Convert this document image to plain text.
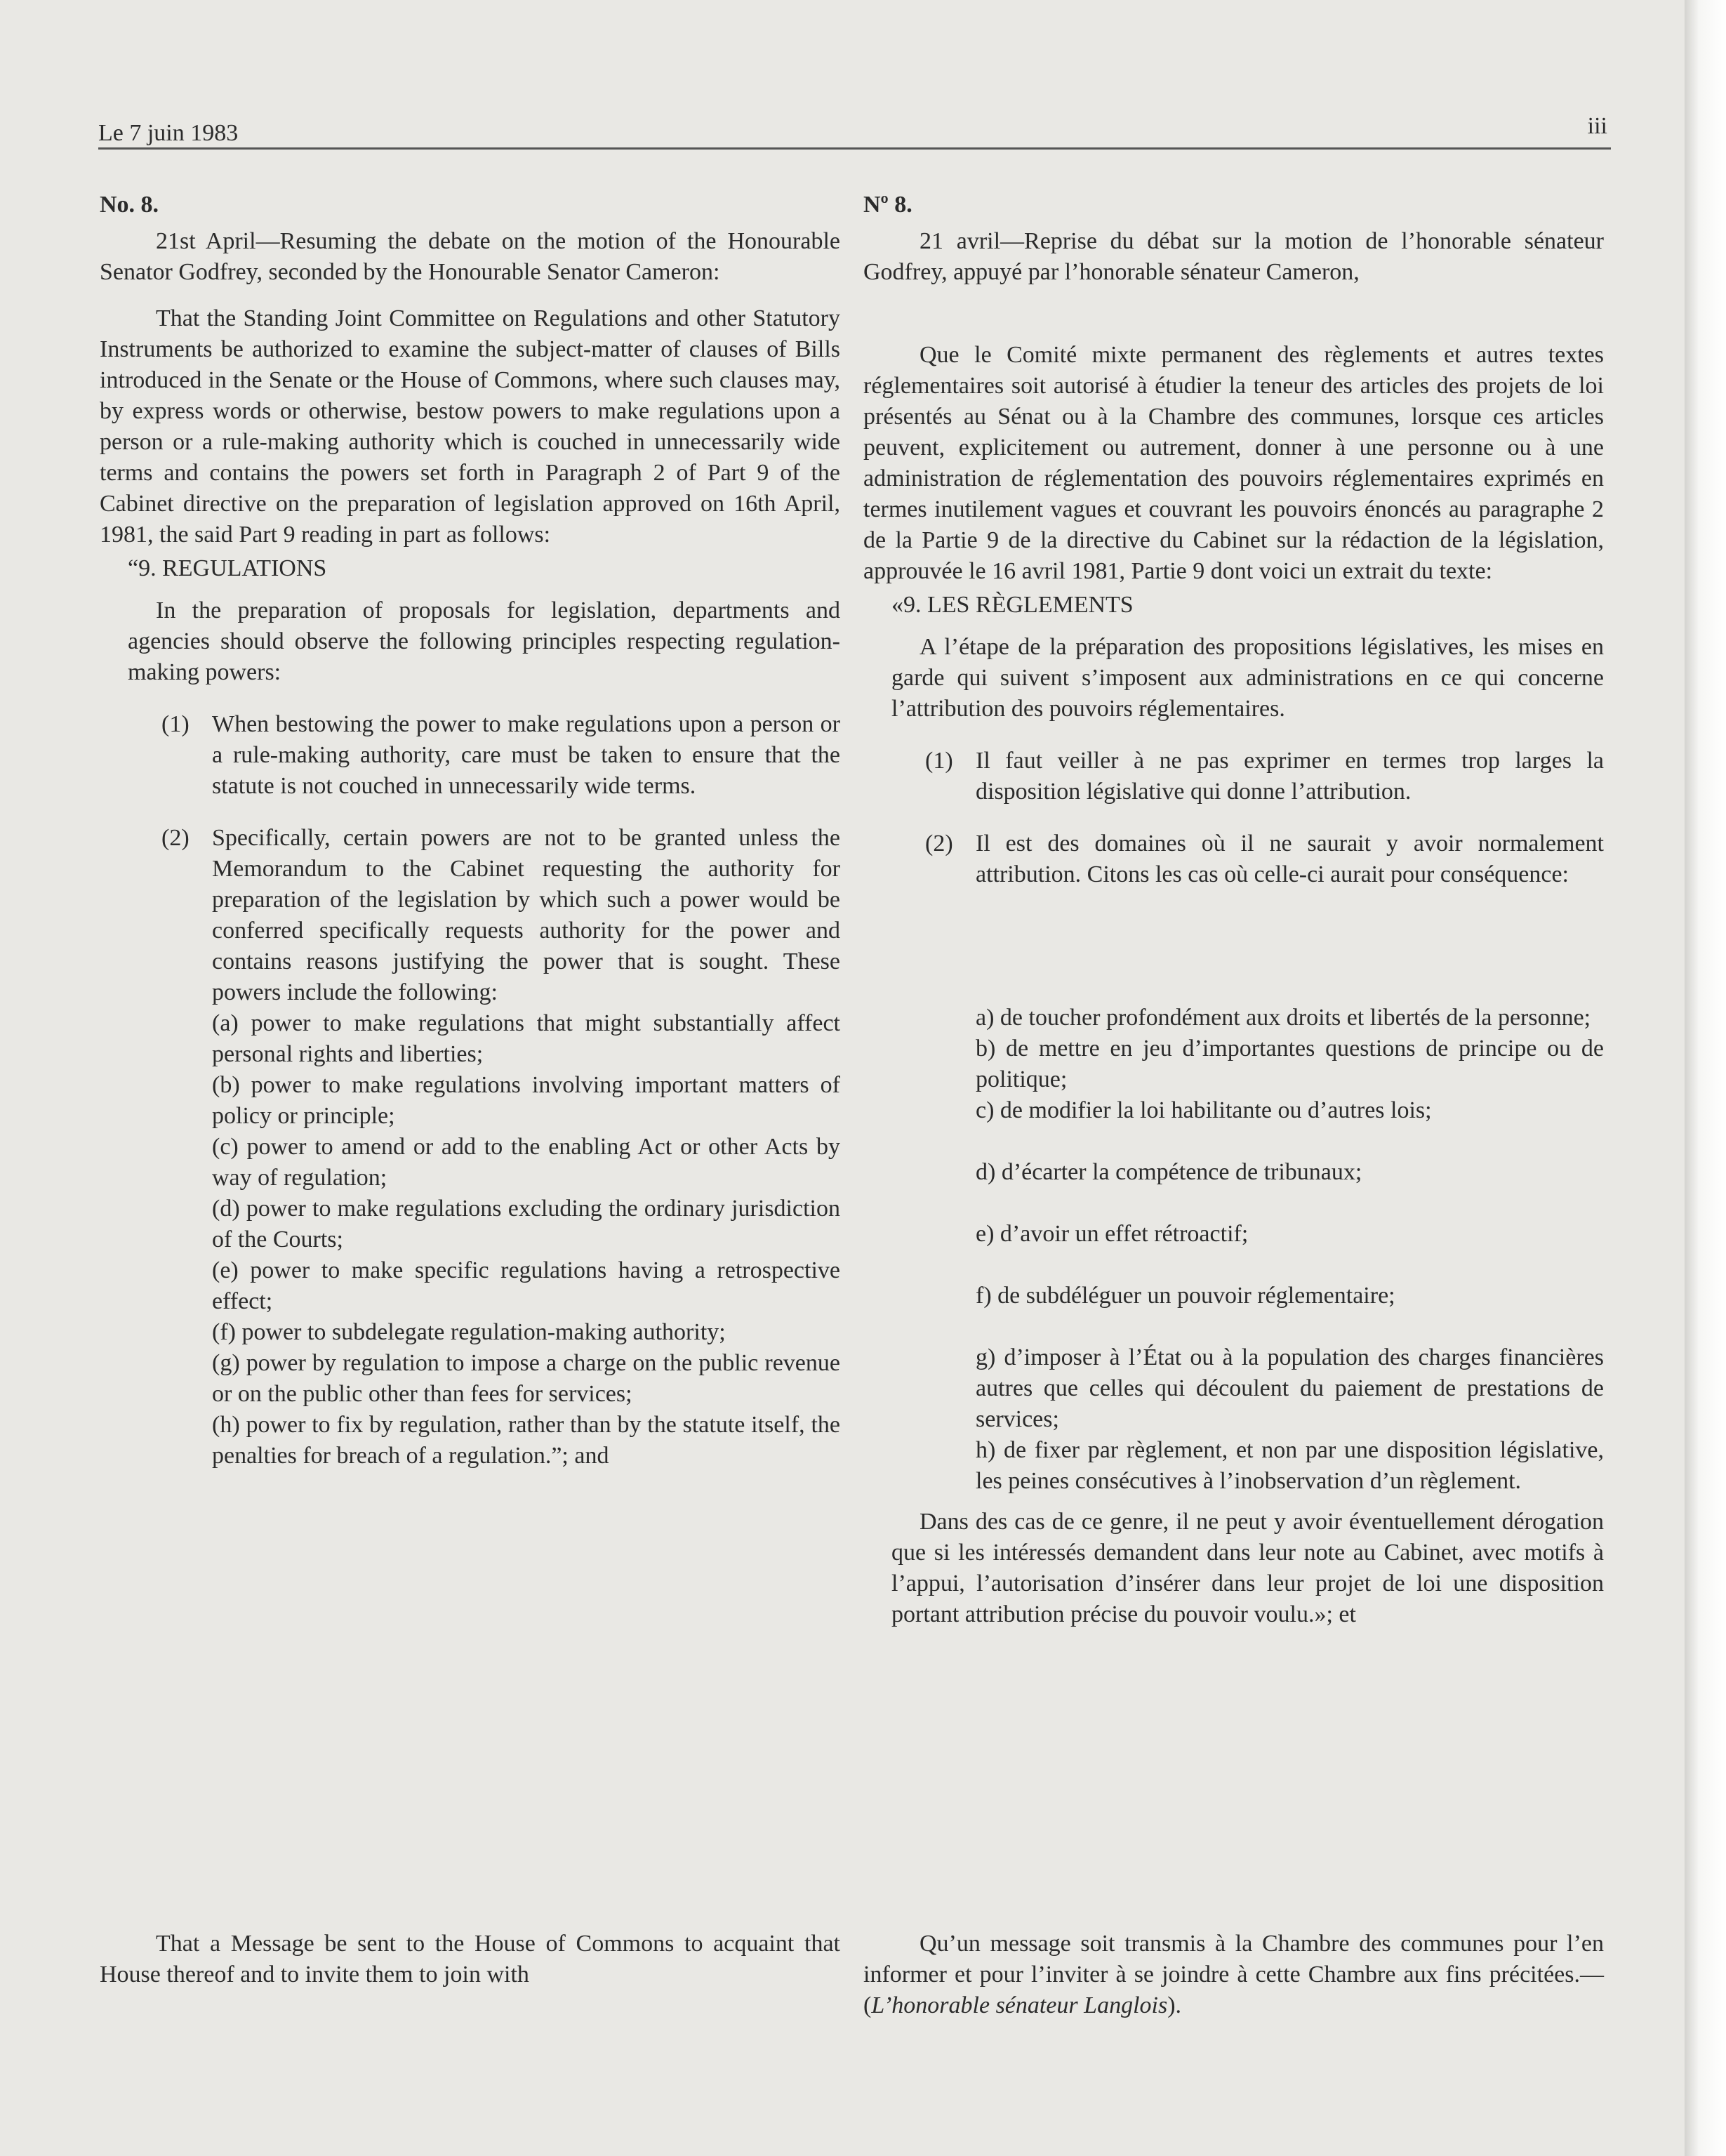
Le 7 juin 1983	iii

No. 8.

21st April—Resuming the debate on the motion of the Honourable Senator Godfrey, seconded by the Honourable Senator Cameron:

That the Standing Joint Committee on Regulations and other Statutory Instruments be authorized to examine the subject-matter of clauses of Bills introduced in the Senate or the House of Commons, where such clauses may, by express words or otherwise, bestow powers to make regulations upon a person or a rule-making authority which is couched in unnecessarily wide terms and contains the powers set forth in Paragraph 2 of Part 9 of the Cabinet directive on the preparation of legislation approved on 16th April, 1981, the said Part 9 reading in part as follows:

“9. REGULATIONS

In the preparation of proposals for legislation, departments and agencies should observe the following principles respecting regulation-making powers:

(1) When bestowing the power to make regulations upon a person or a rule-making authority, care must be taken to ensure that the statute is not couched in unnecessarily wide terms.

(2) Specifically, certain powers are not to be granted unless the Memorandum to the Cabinet requesting the authority for preparation of the legislation by which such a power would be conferred specifically requests authority for the power and contains reasons justifying the power that is sought. These powers include the following:

(a) power to make regulations that might substantially affect personal rights and liberties;

(b) power to make regulations involving important matters of policy or principle;

(c) power to amend or add to the enabling Act or other Acts by way of regulation;

(d) power to make regulations excluding the ordinary jurisdiction of the Courts;

(e) power to make specific regulations having a retrospective effect;

(f) power to subdelegate regulation-making authority;

(g) power by regulation to impose a charge on the public revenue or on the public other than fees for services;

(h) power to fix by regulation, rather than by the statute itself, the penalties for breach of a regulation.”; and

That a Message be sent to the House of Commons to acquaint that House thereof and to invite them to join with

Nº 8.

21 avril—Reprise du débat sur la motion de l’honorable sénateur Godfrey, appuyé par l’honorable sénateur Cameron,

Que le Comité mixte permanent des règlements et autres textes réglementaires soit autorisé à étudier la teneur des articles des projets de loi présentés au Sénat ou à la Chambre des communes, lorsque ces articles peuvent, explicitement ou autrement, donner à une personne ou à une administration de réglementation des pouvoirs réglementaires exprimés en termes inutilement vagues et couvrant les pouvoirs énoncés au paragraphe 2 de la Partie 9 de la directive du Cabinet sur la rédaction de la législation, approuvée le 16 avril 1981, Partie 9 dont voici un extrait du texte:

«9. LES RÈGLEMENTS

A l’étape de la préparation des propositions législatives, les mises en garde qui suivent s’imposent aux administrations en ce qui concerne l’attribution des pouvoirs réglementaires.

(1) Il faut veiller à ne pas exprimer en termes trop larges la disposition législative qui donne l’attribution.

(2) Il est des domaines où il ne saurait y avoir normalement attribution. Citons les cas où celle-ci aurait pour conséquence:

a) de toucher profondément aux droits et libertés de la personne;

b) de mettre en jeu d’importantes questions de principe ou de politique;

c) de modifier la loi habilitante ou d’autres lois;

d) d’écarter la compétence de tribunaux;

e) d’avoir un effet rétroactif;

f) de subdéléguer un pouvoir réglementaire;

g) d’imposer à l’État ou à la population des charges financières autres que celles qui découlent du paiement de prestations de services;

h) de fixer par règlement, et non par une disposition législative, les peines consécutives à l’inobservation d’un règlement.

Dans des cas de ce genre, il ne peut y avoir éventuellement dérogation que si les intéressés demandent dans leur note au Cabinet, avec motifs à l’appui, l’autorisation d’insérer dans leur projet de loi une disposition portant attribution précise du pouvoir voulu.»; et

Qu’un message soit transmis à la Chambre des communes pour l’en informer et pour l’inviter à se joindre à cette Chambre aux fins précitées.—(L’honorable sénateur Langlois).
